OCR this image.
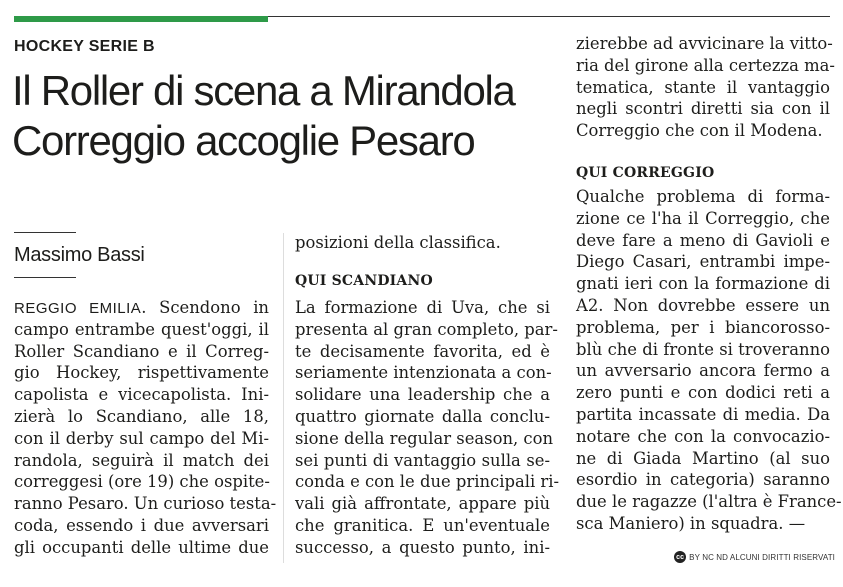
HOCKEY SERIE B
Il Roller di scena a Mirandola
Correggio accoglie Pesaro
Massimo Bassi
REGGIO EMILIA. Scendono in
campo entrambe quest'oggi, il
Roller Scandiano e il Correg-
gio Hockey, rispettivamente
capolista e vicecapolista. Ini-
zierà lo Scandiano, alle 18,
con il derby sul campo del Mi-
randola, seguirà il match dei
correggesi (ore 19) che ospite-
ranno Pesaro. Un curioso testa-
coda, essendo i due avversari
gli occupanti delle ultime due
posizioni della classifica.
QUI SCANDIANO
La formazione di Uva, che si
presenta al gran completo, par-
te decisamente favorita, ed è
seriamente intenzionata a con-
solidare una leadership che a
quattro giornate dalla conclu-
sione della regular season, con
sei punti di vantaggio sulla se-
conda e con le due principali ri-
vali già affrontate, appare più
che granitica. E un'eventuale
successo, a questo punto, ini-
zierebbe ad avvicinare la vitto-
ria del girone alla certezza ma-
tematica, stante il vantaggio
negli scontri diretti sia con il
Correggio che con il Modena.
QUI CORREGGIO
Qualche problema di forma-
zione ce l'ha il Correggio, che
deve fare a meno di Gavioli e
Diego Casari, entrambi impe-
gnati ieri con la formazione di
A2. Non dovrebbe essere un
problema, per i biancorosso-
blù che di fronte si troveranno
un avversario ancora fermo a
zero punti e con dodici reti a
partita incassate di media. Da
notare che con la convocazio-
ne di Giada Martino (al suo
esordio in categoria) saranno
due le ragazze (l'altra è France-
sca Maniero) in squadra. —
cc BY NC ND ALCUNI DIRITTI RISERVATI
